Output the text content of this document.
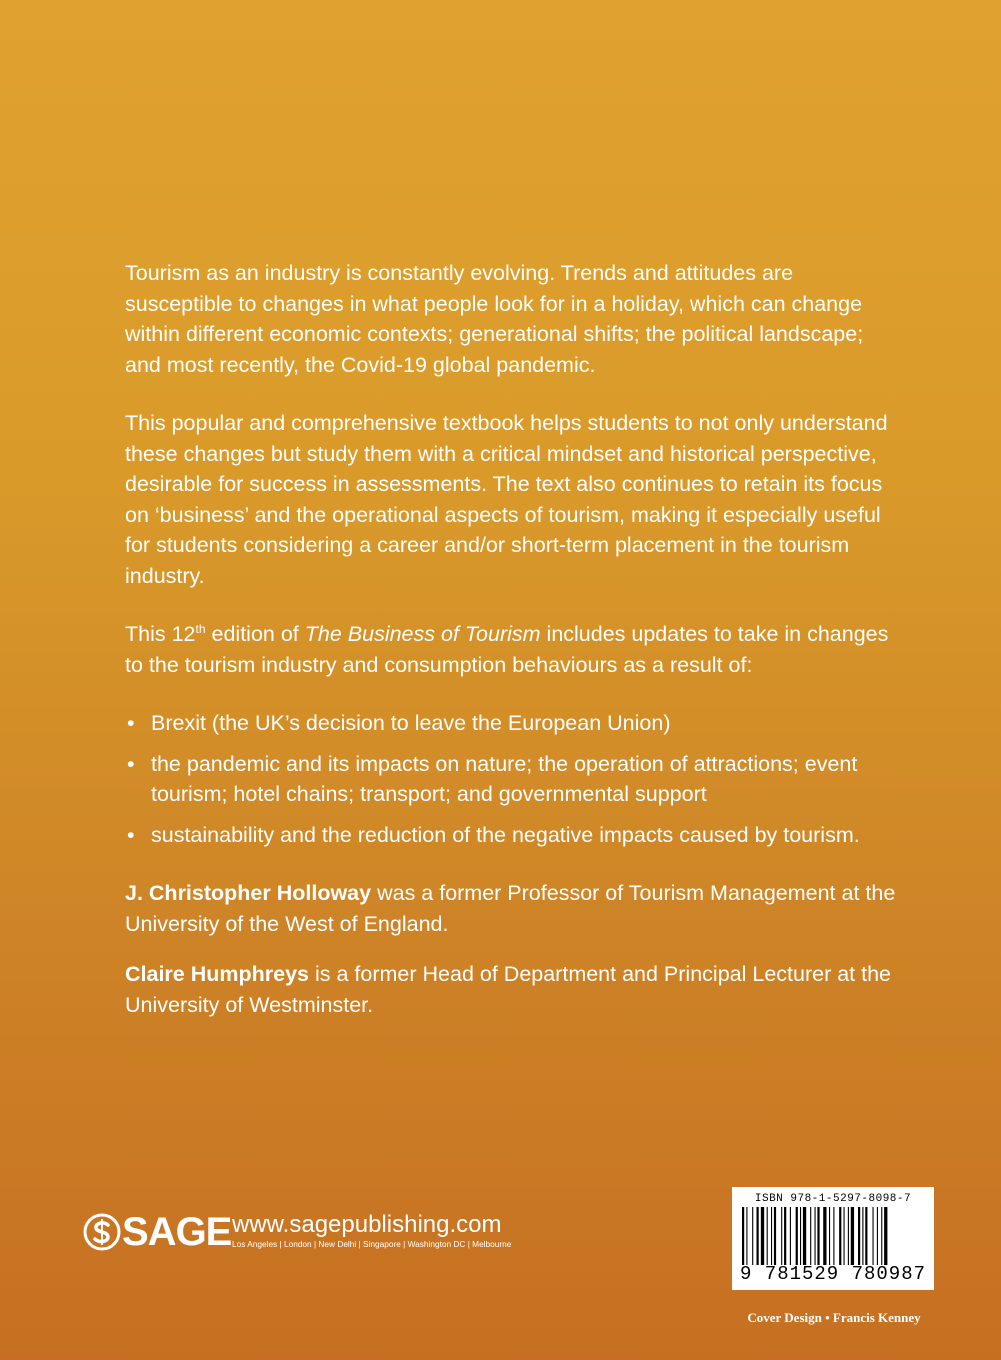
Tourism as an industry is constantly evolving. Trends and attitudes are susceptible to changes in what people look for in a holiday, which can change within different economic contexts; generational shifts; the political landscape; and most recently, the Covid-19 global pandemic.

This popular and comprehensive textbook helps students to not only understand these changes but study them with a critical mindset and historical perspective, desirable for success in assessments. The text also continues to retain its focus on ‘business’ and the operational aspects of tourism, making it especially useful for students considering a career and/or short-term placement in the tourism industry.

This 12th edition of The Business of Tourism includes updates to take in changes to the tourism industry and consumption behaviours as a result of:

• Brexit (the UK’s decision to leave the European Union)
• the pandemic and its impacts on nature; the operation of attractions; event tourism; hotel chains; transport; and governmental support
• sustainability and the reduction of the negative impacts caused by tourism.

J. Christopher Holloway was a former Professor of Tourism Management at the University of the West of England.

Claire Humphreys is a former Head of Department and Principal Lecturer at the University of Westminster.

SAGE www.sagepublishing.com
Los Angeles | London | New Delhi | Singapore | Washington DC | Melbourne
ISBN 978-1-5297-8098-7
9 781529 780987
Cover Design • Francis Kenney
